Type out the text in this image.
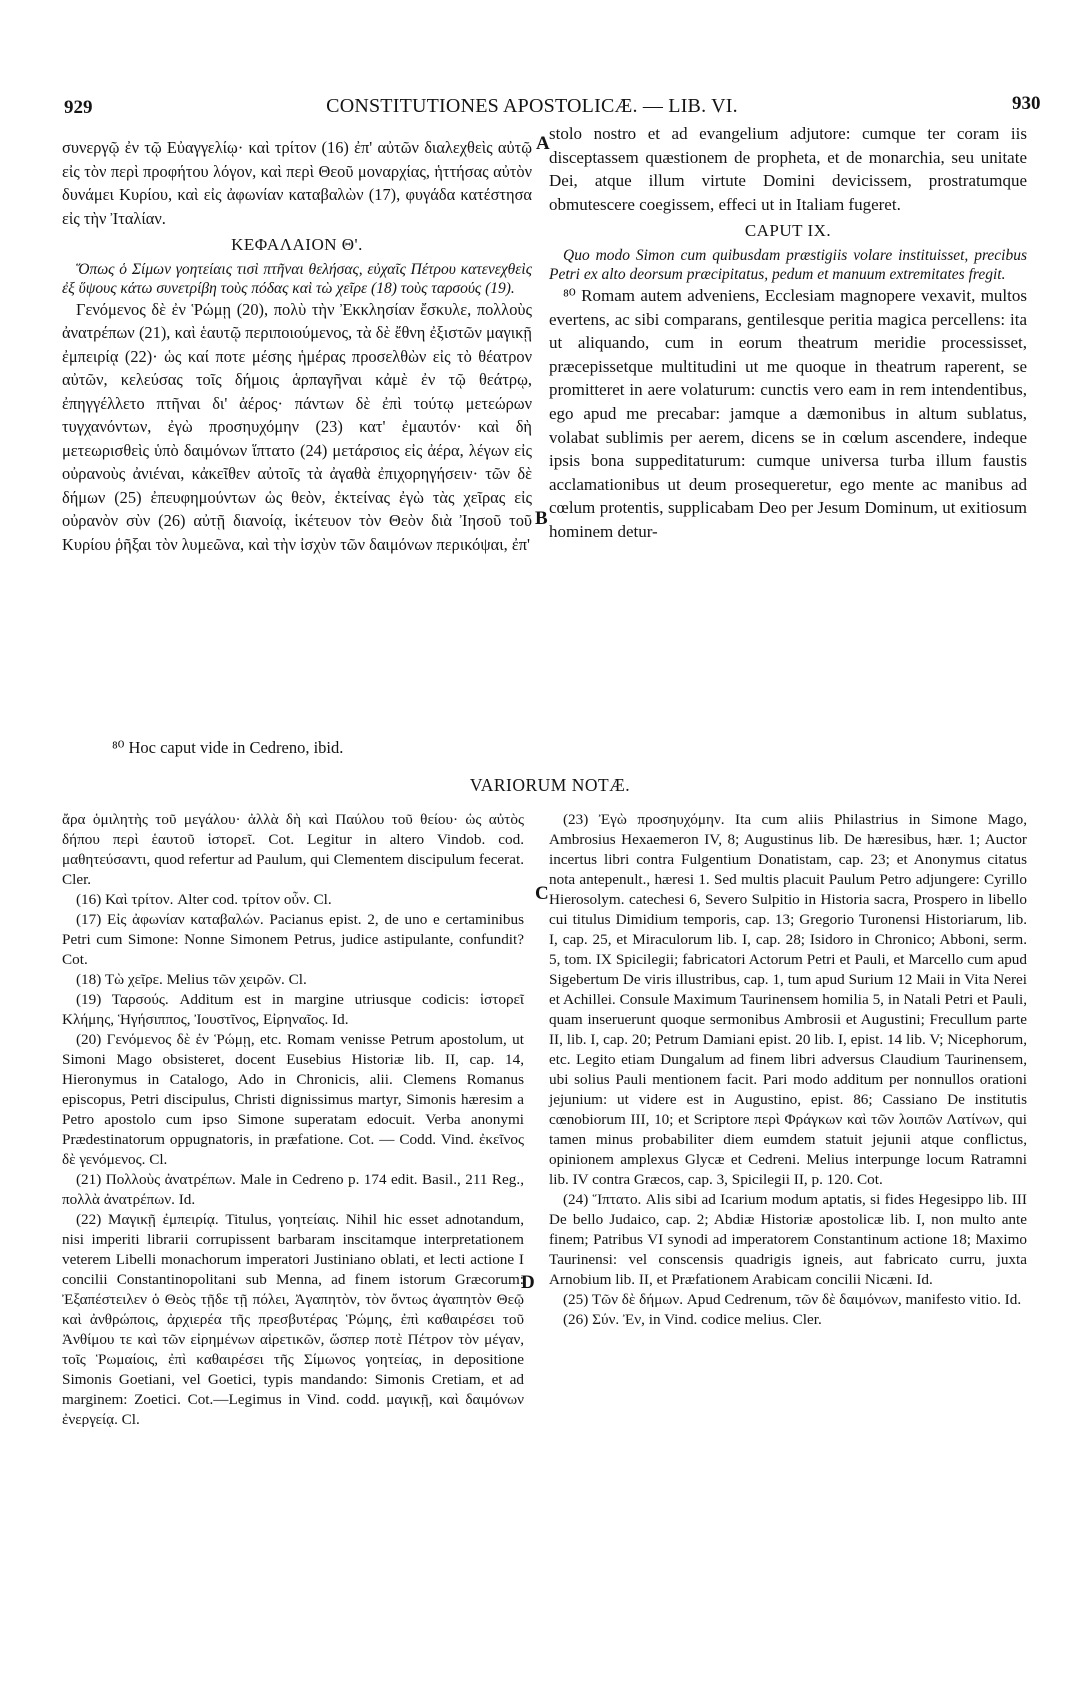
929	CONSTITUTIONES APOSTOLICÆ. — LIB. VI.	930
A
B
C
D

συνεργῷ ἐν τῷ Εὐαγγελίῳ· καὶ τρίτον (16) ἐπ' αὐτῶν διαλεχθεὶς αὐτῷ εἰς τὸν περὶ προφήτου λόγον, καὶ περὶ Θεοῦ μοναρχίας, ἡττήσας αὐτὸν δυνάμει Κυρίου, καὶ εἰς ἀφωνίαν καταβαλὼν (17), φυγάδα κατέστησα εἰς τὴν Ἰταλίαν.

ΚΕΦΑΛΑΙΟΝ Θ'.

Ὅπως ὁ Σίμων γοητείαις τισὶ πτῆναι θελήσας, εὐχαῖς Πέτρου κατενεχθεὶς ἐξ ὕψους κάτω συνετρίβη τοὺς πόδας καὶ τὼ χεῖρε (18) τοὺς ταρσούς (19).

Γενόμενος δὲ ἐν Ῥώμῃ (20), πολὺ τὴν Ἐκκλησίαν ἔσκυλε, πολλοὺς ἀνατρέπων (21), καὶ ἑαυτῷ περιποιούμενος, τὰ δὲ ἔθνη ἐξιστῶν μαγικῇ ἐμπειρίᾳ (22)· ὡς καί ποτε μέσης ἡμέρας προσελθὼν εἰς τὸ θέατρον αὐτῶν, κελεύσας τοῖς δήμοις ἁρπαγῆναι κἀμὲ ἐν τῷ θεάτρῳ, ἐπηγγέλλετο πτῆναι δι' ἀέρος· πάντων δὲ ἐπὶ τούτῳ μετεώρων τυγχανόντων, ἐγὼ προσηυχόμην (23) κατ' ἐμαυτόν· καὶ δὴ μετεωρισθεὶς ὑπὸ δαιμόνων ἵπτατο (24) μετάρσιος εἰς ἀέρα, λέγων εἰς οὐρανοὺς ἀνιέναι, κἀκεῖθεν αὐτοῖς τὰ ἀγαθὰ ἐπιχορηγήσειν· τῶν δὲ δήμων (25) ἐπευφημούντων ὡς θεὸν, ἐκτείνας ἐγὼ τὰς χεῖρας εἰς οὐρανὸν σὺν (26) αὐτῇ διανοίᾳ, ἱκέτευον τὸν Θεὸν διὰ Ἰησοῦ τοῦ Κυρίου ῥῆξαι τὸν λυμεῶνα, καὶ τὴν ἰσχὺν τῶν δαιμόνων περικόψαι, ἐπ'

stolo nostro et ad evangelium adjutore: cumque ter coram iis disceptassem quæstionem de propheta, et de monarchia, seu unitate Dei, atque illum virtute Domini devicissem, prostratumque obmutescere coegissem, effeci ut in Italiam fugeret.

CAPUT IX.

Quo modo Simon cum quibusdam præstigiis volare instituisset, precibus Petri ex alto deorsum præcipitatus, pedum et manuum extremitates fregit.

⁸⁰ Romam autem adveniens, Ecclesiam magnopere vexavit, multos evertens, ac sibi comparans, gentilesque peritia magica percellens: ita ut aliquando, cum in eorum theatrum meridie processisset, præcepissetque multitudini ut me quoque in theatrum raperent, se promitteret in aere volaturum: cunctis vero eam in rem intendentibus, ego apud me precabar: jamque a dæmonibus in altum sublatus, volabat sublimis per aerem, dicens se in cœlum ascendere, indeque ipsis bona suppeditaturum: cumque universa turba illum faustis acclamationibus ut deum prosequeretur, ego mente ac manibus ad cœlum protentis, supplicabam Deo per Jesum Dominum, ut exitiosum hominem detur-

⁸⁰ Hoc caput vide in Cedreno, ibid.
VARIORUM NOTÆ.

ἄρα ὁμιλητὴς τοῦ μεγάλου· ἀλλὰ δὴ καὶ Παύλου τοῦ θείου· ὡς αὐτὸς δήπου περὶ ἑαυτοῦ ἱστορεῖ. Cot. Legitur in altero Vindob. cod. μαθητεύσαντι, quod refertur ad Paulum, qui Clementem discipulum fecerat. Cler.

(16) Καὶ τρίτον. Alter cod. τρίτον οὖν. Cl.

(17) Εἰς ἀφωνίαν καταβαλών. Pacianus epist. 2, de uno e certaminibus Petri cum Simone: Nonne Simonem Petrus, judice astipulante, confundit? Cot.

(18) Τὼ χεῖρε. Melius τῶν χειρῶν. Cl.

(19) Ταρσούς. Additum est in margine utriusque codicis: ἱστορεῖ Κλήμης, Ἡγήσιππος, Ἰουστῖνος, Εἰρηναῖος. Id.

(20) Γενόμενος δὲ ἐν Ῥώμῃ, etc. Romam venisse Petrum apostolum, ut Simoni Mago obsisteret, docent Eusebius Historiæ lib. II, cap. 14, Hieronymus in Catalogo, Ado in Chronicis, alii. Clemens Romanus episcopus, Petri discipulus, Christi dignissimus martyr, Simonis hæresim a Petro apostolo cum ipso Simone superatam edocuit. Verba anonymi Prædestinatorum oppugnatoris, in præfatione. Cot. — Codd. Vind. ἐκεῖνος δὲ γενόμενος. Cl.

(21) Πολλοὺς ἀνατρέπων. Male in Cedreno p. 174 edit. Basil., 211 Reg., πολλὰ ἀνατρέπων. Id.

(22) Μαγικῇ ἐμπειρίᾳ. Titulus, γοητείαις. Nihil hic esset adnotandum, nisi imperiti librarii corrupissent barbaram inscitamque interpretationem veterem Libelli monachorum imperatori Justiniano oblati, et lecti actione I concilii Constantinopolitani sub Menna, ad finem istorum Græcorum: Ἐξαπέστειλεν ὁ Θεὸς τῇδε τῇ πόλει, Ἀγαπητὸν, τὸν ὄντως ἀγαπητὸν Θεῷ καὶ ἀνθρώποις, ἀρχιερέα τῆς πρεσβυτέρας Ῥώμης, ἐπὶ καθαιρέσει τοῦ Ἀνθίμου τε καὶ τῶν εἰρημένων αἱρετικῶν, ὥσπερ ποτὲ Πέτρον τὸν μέγαν, τοῖς Ῥωμαίοις, ἐπὶ καθαιρέσει τῆς Σίμωνος γοητείας, in depositione Simonis Goetiani, vel Goetici, typis mandando: Simonis Cretiam, et ad marginem: Zoetici. Cot.—Legimus in Vind. codd. μαγικῇ, καὶ δαιμόνων ἐνεργείᾳ. Cl.

(23) Ἐγὼ προσηυχόμην. Ita cum aliis Philastrius in Simone Mago, Ambrosius Hexaemeron IV, 8; Augustinus lib. De hæresibus, hær. 1; Auctor incertus libri contra Fulgentium Donatistam, cap. 23; et Anonymus citatus nota antepenult., hæresi 1. Sed multis placuit Paulum Petro adjungere: Cyrillo Hierosolym. catechesi 6, Severo Sulpitio in Historia sacra, Prospero in libello cui titulus Dimidium temporis, cap. 13; Gregorio Turonensi Historiarum, lib. I, cap. 25, et Miraculorum lib. I, cap. 28; Isidoro in Chronico; Abboni, serm. 5, tom. IX Spicilegii; fabricatori Actorum Petri et Pauli, et Marcello cum apud Sigebertum De viris illustribus, cap. 1, tum apud Surium 12 Maii in Vita Nerei et Achillei. Consule Maximum Taurinensem homilia 5, in Natali Petri et Pauli, quam inseruerunt quoque sermonibus Ambrosii et Augustini; Frecullum parte II, lib. I, cap. 20; Petrum Damiani epist. 20 lib. I, epist. 14 lib. V; Nicephorum, etc. Legito etiam Dungalum ad finem libri adversus Claudium Taurinensem, ubi solius Pauli mentionem facit. Pari modo additum per nonnullos orationi jejunium: ut videre est in Augustino, epist. 86; Cassiano De institutis cœnobiorum III, 10; et Scriptore περὶ Φράγκων καὶ τῶν λοιπῶν Λατίνων, qui tamen minus probabiliter diem eumdem statuit jejunii atque conflictus, opinionem amplexus Glycæ et Cedreni. Melius interpunge locum Ratramni lib. IV contra Græcos, cap. 3, Spicilegii II, p. 120. Cot.

(24) Ἵπτατο. Alis sibi ad Icarium modum aptatis, si fides Hegesippo lib. III De bello Judaico, cap. 2; Abdiæ Historiæ apostolicæ lib. I, non multo ante finem; Patribus VI synodi ad imperatorem Constantinum actione 18; Maximo Taurinensi: vel conscensis quadrigis igneis, aut fabricato curru, juxta Arnobium lib. II, et Præfationem Arabicam concilii Nicæni. Id.

(25) Τῶν δὲ δήμων. Apud Cedrenum, τῶν δὲ δαιμόνων, manifesto vitio. Id.

(26) Σύν. Ἐν, in Vind. codice melius. Cler.
